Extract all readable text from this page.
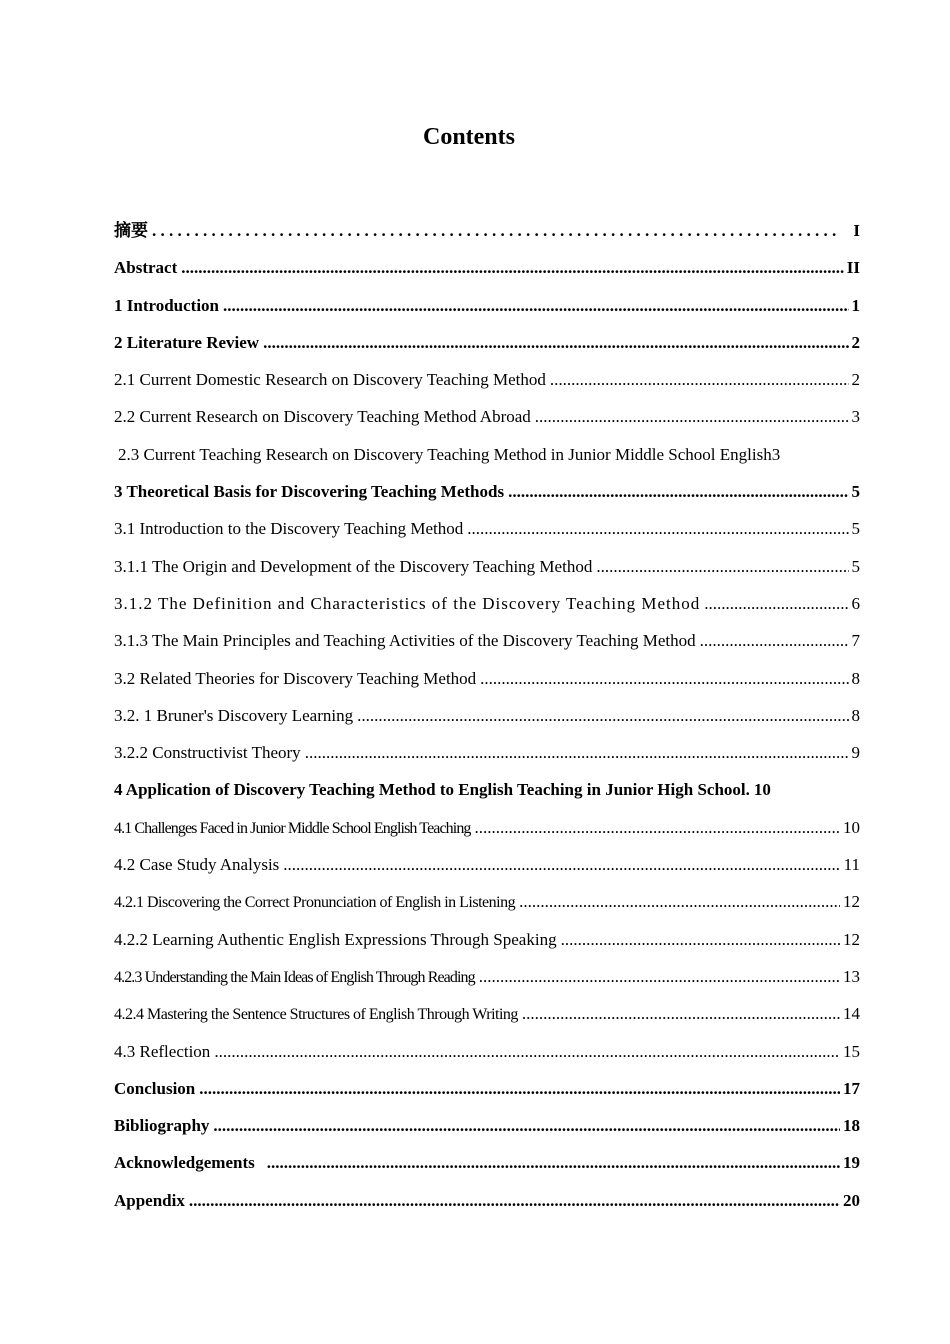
Contents
摘要 . . .	I
Abstract .....	II
1 Introduction .....	1
2 Literature Review .....	2
2.1 Current Domestic Research on Discovery Teaching Method .....	2
2.2 Current Research on Discovery Teaching Method Abroad .....	3
2.3 Current Teaching Research on Discovery Teaching Method in Junior Middle School English 3
3 Theoretical Basis for Discovering Teaching Methods .....	5
3.1 Introduction to the Discovery Teaching Method .....	5
3.1.1 The Origin and Development of the Discovery Teaching Method .....	5
3.1.2 The Definition and Characteristics of the Discovery Teaching Method .....	6
3.1.3 The Main Principles and Teaching Activities of the Discovery Teaching Method .....	7
3.2 Related Theories for Discovery Teaching Method .....	8
3.2. 1 Bruner's Discovery Learning .....	8
3.2.2 Constructivist Theory .....	9
4 Application of Discovery Teaching Method to English Teaching in Junior High School. 10
4.1 Challenges Faced in Junior Middle School English Teaching .....	10
4.2 Case Study Analysis .....	11
4.2.1 Discovering the Correct Pronunciation of English in Listening .....	12
4.2.2 Learning Authentic English Expressions Through Speaking .....	12
4.2.3 Understanding the Main Ideas of English Through Reading .....	13
4.2.4 Mastering the Sentence Structures of English Through Writing .....	14
4.3 Reflection .....	15
Conclusion .....	17
Bibliography .....	18
Acknowledgements .....	19
Appendix .....	20
